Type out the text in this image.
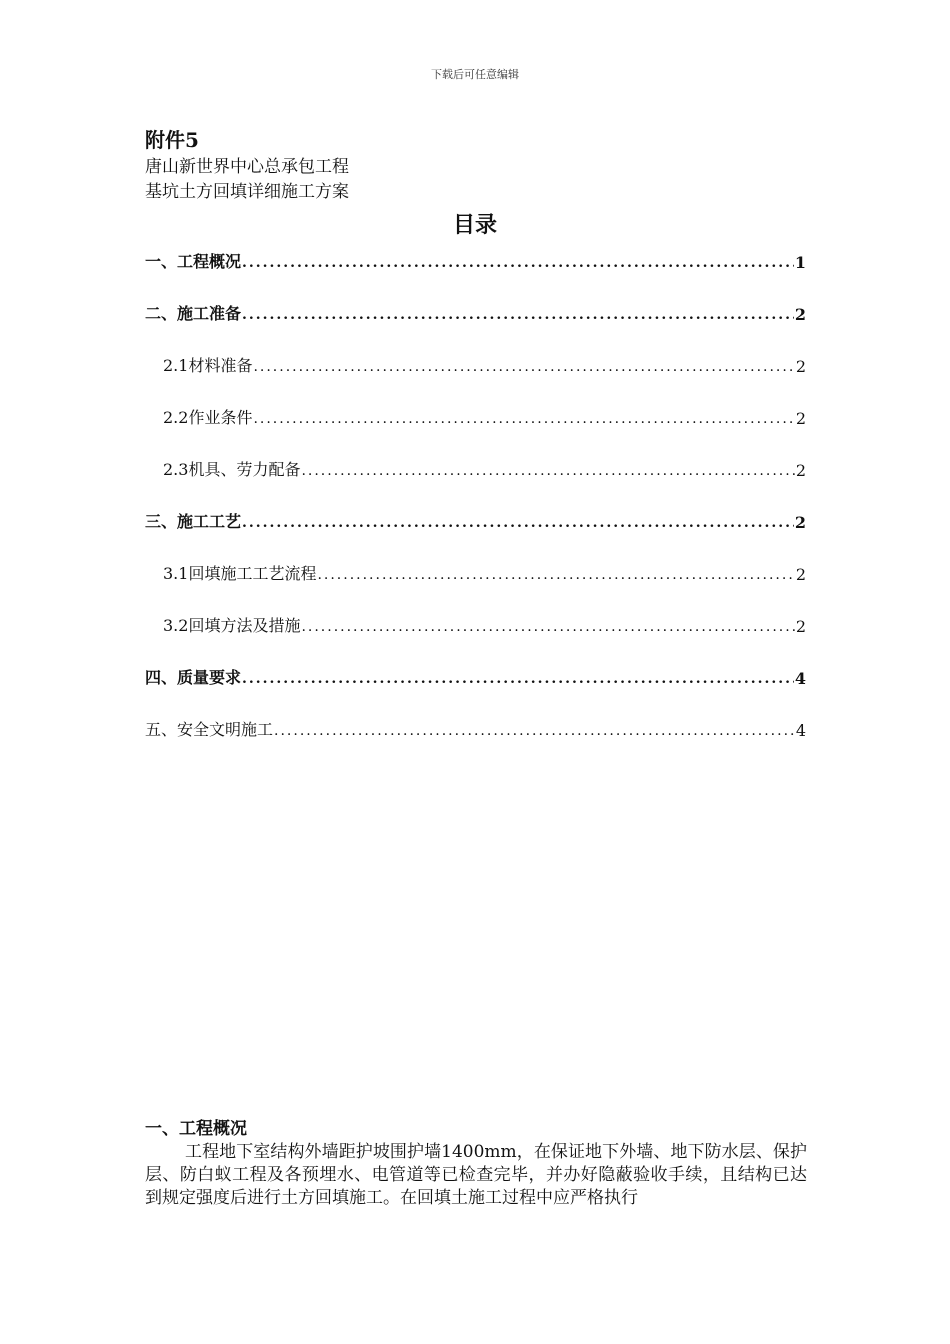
下载后可任意编辑
附件5
唐山新世界中心总承包工程
基坑土方回填详细施工方案
目录
一、工程概况 .....	1
二、施工准备 .....	2
2.1材料准备 .....	2
2.2作业条件 .....	2
2.3机具、劳力配备 .....	2
三、施工工艺 .....	2
3.1回填施工工艺流程 .....	2
3.2回填方法及措施 .....	2
四、质量要求 .....	4
五、安全文明施工 .....	4
一、工程概况

工程地下室结构外墙距护坡围护墙1400mm，在保证地下外墙、地下防水层、保护层、防白蚁工程及各预埋水、电管道等已检查完毕，并办好隐蔽验收手续，且结构已达到规定强度后进行土方回填施工。在回填土施工过程中应严格执行
